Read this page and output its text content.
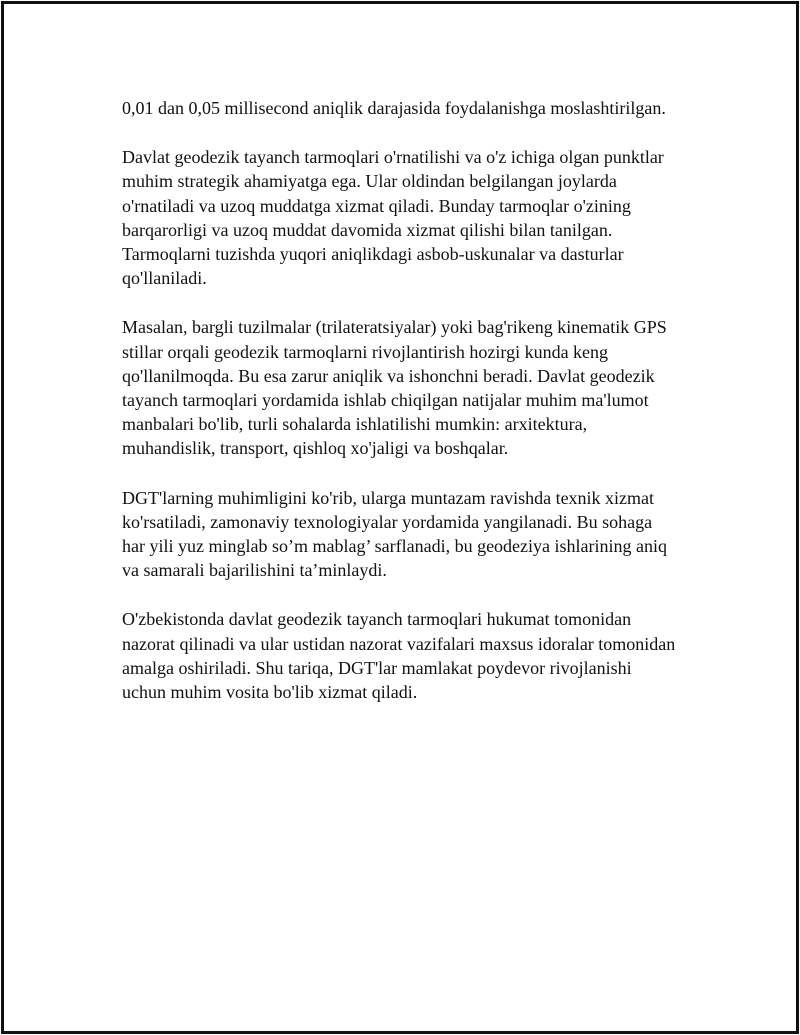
0,01 dan 0,05 millisecond aniqlik darajasida foydalanishga moslashtirilgan.
Davlat geodezik tayanch tarmoqlari o'rnatilishi va o'z ichiga olgan punktlar
muhim strategik ahamiyatga ega. Ular oldindan belgilangan joylarda
o'rnatiladi va uzoq muddatga xizmat qiladi. Bunday tarmoqlar o'zining
barqarorligi va uzoq muddat davomida xizmat qilishi bilan tanilgan.
Tarmoqlarni tuzishda yuqori aniqlikdagi asbob-uskunalar va dasturlar
qo'llaniladi.
Masalan, bargli tuzilmalar (trilateratsiyalar) yoki bag'rikeng kinematik GPS
stillar orqali geodezik tarmoqlarni rivojlantirish hozirgi kunda keng
qo'llanilmoqda. Bu esa zarur aniqlik va ishonchni beradi. Davlat geodezik
tayanch tarmoqlari yordamida ishlab chiqilgan natijalar muhim ma'lumot
manbalari bo'lib, turli sohalarda ishlatilishi mumkin: arxitektura,
muhandislik, transport, qishloq xo'jaligi va boshqalar.
DGT'larning muhimligini ko'rib, ularga muntazam ravishda texnik xizmat
ko'rsatiladi, zamonaviy texnologiyalar yordamida yangilanadi. Bu sohaga
har yili yuz minglab so’m mablag’ sarflanadi, bu geodeziya ishlarining aniq
va samarali bajarilishini ta’minlaydi.
O'zbekistonda davlat geodezik tayanch tarmoqlari hukumat tomonidan
nazorat qilinadi va ular ustidan nazorat vazifalari maxsus idoralar tomonidan
amalga oshiriladi. Shu tariqa, DGT'lar mamlakat poydevor rivojlanishi
uchun muhim vosita bo'lib xizmat qiladi.
